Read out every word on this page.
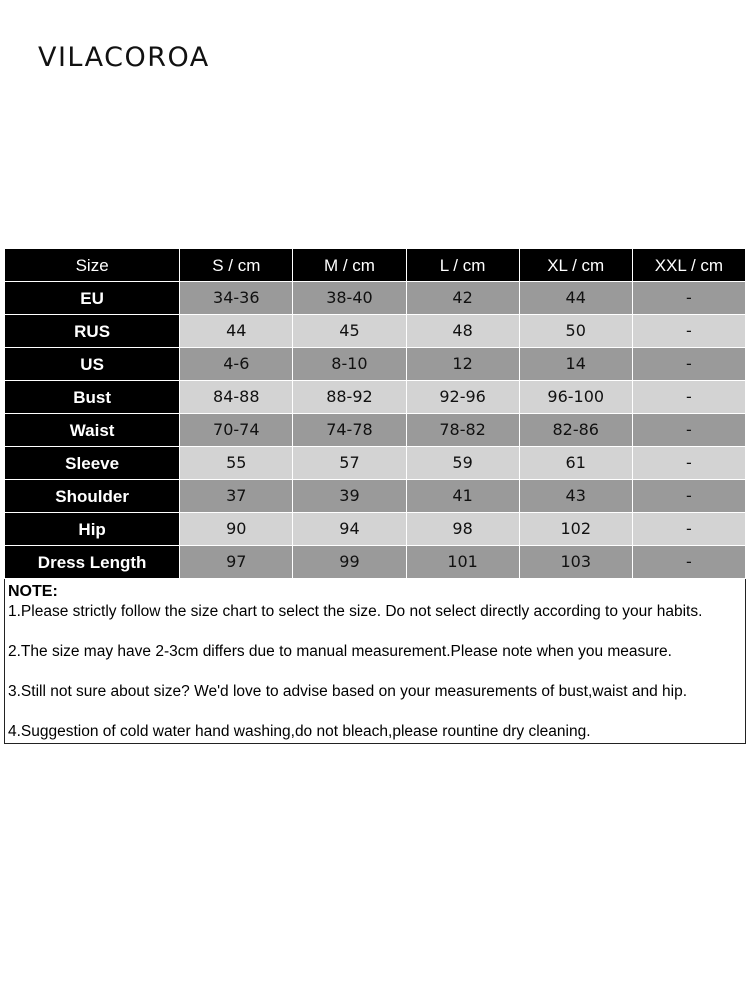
VILACOROA
Size	S / cm	M / cm	L / cm	XL / cm	XXL / cm
EU	34-36	38-40	42	44	-
RUS	44	45	48	50	-
US	4-6	8-10	12	14	-
Bust	84-88	88-92	92-96	96-100	-
Waist	70-74	74-78	78-82	82-86	-
Sleeve	55	57	59	61	-
Shoulder	37	39	41	43	-
Hip	90	94	98	102	-
Dress Length	97	99	101	103	-
NOTE:
1.Please strictly follow the size chart to select the size. Do not select directly according to your habits.
2.The size may have 2-3cm differs due to manual measurement.Please note when you measure.
3.Still not sure about size? We'd love to advise based on your measurements of bust,waist and hip.
4.Suggestion of cold water hand washing,do not bleach,please rountine dry cleaning.
